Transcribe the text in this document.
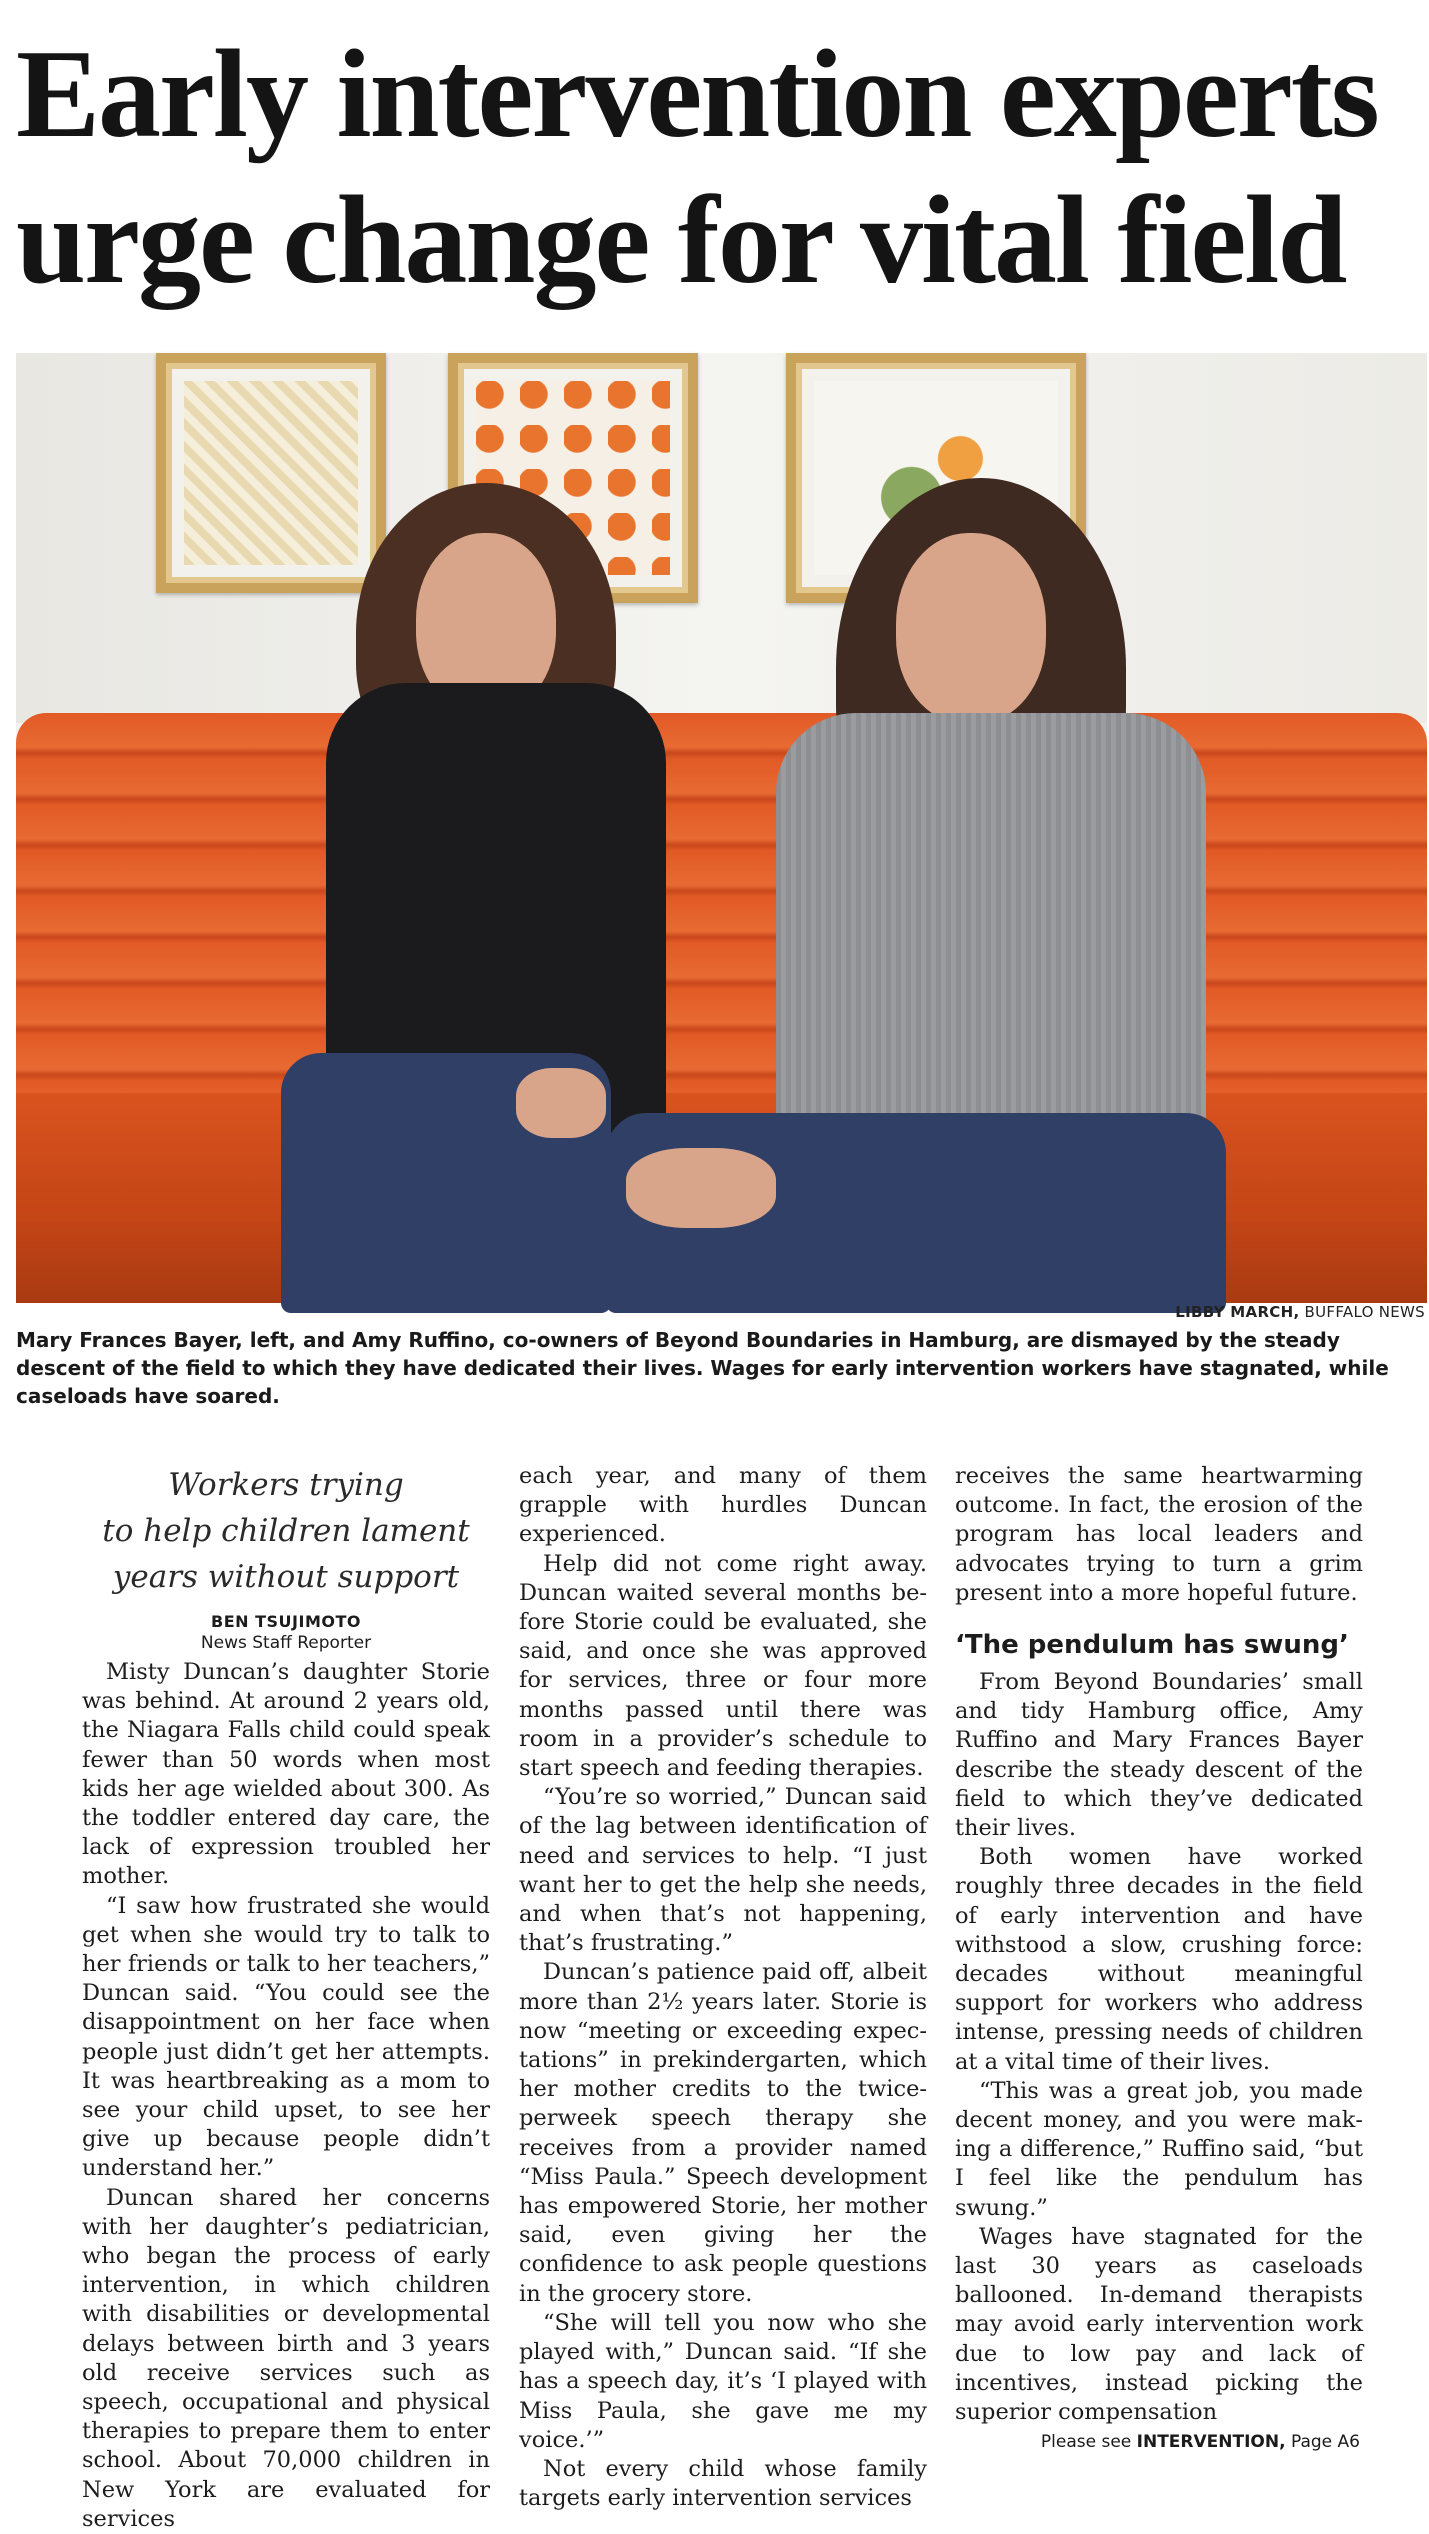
Early intervention experts
urge change for vital field
LIBBY MARCH, BUFFALO NEWS

Mary Frances Bayer, left, and Amy Ruffino, co-owners of Beyond Boundaries in Hamburg, are dismayed by the steady descent of the field to which they have dedicated their lives. Wages for early intervention workers have stagnated, while caseloads have soared.

Workers trying
to help children lament
years without support
BEN TSUJIMOTO
News Staff Reporter

Misty Duncan’s daughter Storie was behind. At around 2 years old, the Niagara Falls child could speak fewer than 50 words when most kids her age wielded about 300. As the toddler entered day care, the lack of expression troubled her mother.

“I saw how frustrated she would get when she would try to talk to her friends or talk to her teachers,” Duncan said. “You could see the disappointment on her face when people just didn’t get her attempts. It was heartbreaking as a mom to see your child upset, to see her give up because people didn’t understand her.”

Duncan shared her concerns with her daughter’s pediatrician, who began the process of early intervention, in which children with disabilities or developmental delays between birth and 3 years old receive services such as speech, occupational and physical therapies to prepare them to enter school. About 70,000 children in New York are evaluated for services

each year, and many of them grapple with hurdles Duncan experienced.

Help did not come right away. Duncan waited several months before Storie could be evaluated, she said, and once she was approved for services, three or four more months passed until there was room in a provider’s schedule to start speech and feeding therapies.

“You’re so worried,” Duncan said of the lag between identification of need and services to help. “I just want her to get the help she needs, and when that’s not happening, that’s frustrating.”

Duncan’s patience paid off, albeit more than 2½ years later. Storie is now “meeting or exceeding expectations” in prekindergarten, which her mother credits to the twice-perweek speech therapy she receives from a provider named “Miss Paula.” Speech development has empowered Storie, her mother said, even giving her the confidence to ask people questions in the grocery store.

“She will tell you now who she played with,” Duncan said. “If she has a speech day, it’s ‘I played with Miss Paula, she gave me my voice.’”

Not every child whose family targets early intervention services

receives the same heartwarming outcome. In fact, the erosion of the program has local leaders and advocates trying to turn a grim present into a more hopeful future.

‘The pendulum has swung’

From Beyond Boundaries’ small and tidy Hamburg office, Amy Ruffino and Mary Frances Bayer describe the steady descent of the field to which they’ve dedicated their lives.

Both women have worked roughly three decades in the field of early intervention and have withstood a slow, crushing force: decades without meaningful support for workers who address intense, pressing needs of children at a vital time of their lives.

“This was a great job, you made decent money, and you were making a difference,” Ruffino said, “but I feel like the pendulum has swung.”

Wages have stagnated for the last 30 years as caseloads ballooned. In-demand therapists may avoid early intervention work due to low pay and lack of incentives, instead picking the superior compensation

Please see INTERVENTION, Page A6
